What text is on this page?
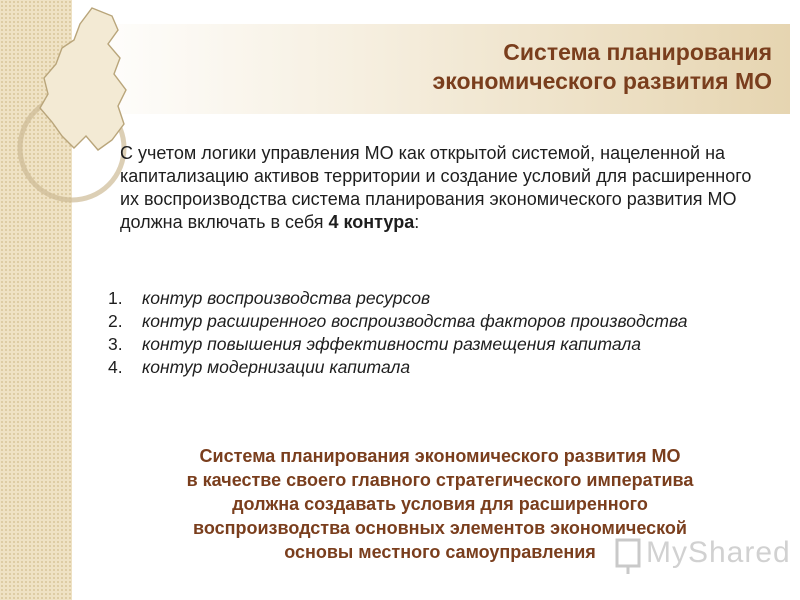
Система планирования
экономического развития МО
С учетом логики управления МО как открытой системой, нацеленной на капитализацию активов территории и создание условий для расширенного их воспроизводства система планирования экономического развития МО должна включать в себя 4 контура:
1. контур воспроизводства ресурсов
2. контур расширенного воспроизводства факторов производства
3. контур повышения эффективности размещения капитала
4. контур модернизации капитала
Система планирования экономического развития МО
в качестве своего главного стратегического императива
должна создавать условия для расширенного
воспроизводства основных элементов экономической
основы местного самоуправления	MyShared
